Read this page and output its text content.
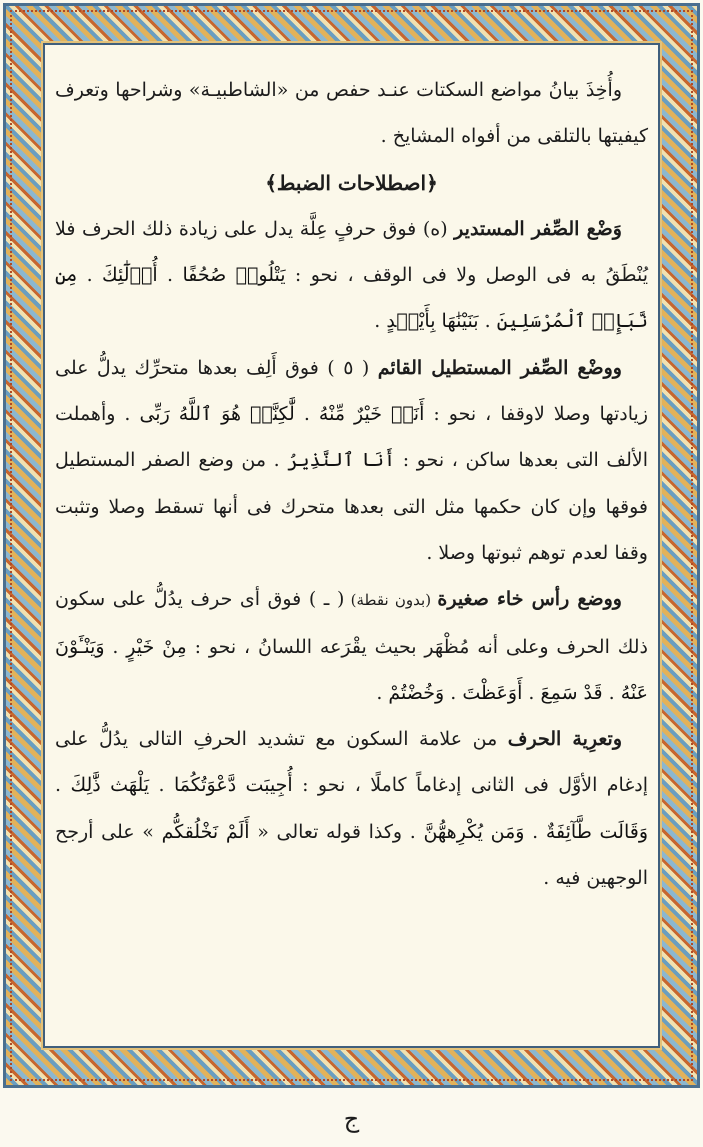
وأُخِذَ بيانُ مواضع السكتات عنـد حفص من «الشاطبيـة» وشراحها وتعرف كيفيتها بالتلقى من أفواه المشايخ .

﴿اصطلاحات الضبط﴾

وَضْع الصِّفر المستدير (ه) فوق حرفٍ عِلَّة يدل على زيادة ذلك الحرف فلا يُنْطَقُ به فى الوصل ولا فى الوقف ، نحو : يَتْلُوا۟ صُحُفًا . أُو۟لَٰٓئِكَ . مِن نَّبَإِى۟ ٱلْمُرْسَلِينَ . بَنَيْنَٰهَا بِأَيْي۟دٍ .

ووضْع الصِّفر المستطيل القائم ( ٥ ) فوق أَلِف بعدها متحرِّك يدلُّ على زيادتها وصلا لاوقفا ، نحو : أَنَا۠ خَيْرٌ مِّنْهُ . لَّٰكِنَّا۠ هُوَ ٱللَّهُ رَبِّى . وأهملت الألف التى بعدها ساكن ، نحو : أَنَا ٱلنَّذِيرُ . من وضع الصفر المستطيل فوقها وإن كان حكمها مثل التى بعدها متحرك فى أنها تسقط وصلا وتثبت وقفا لعدم توهم ثبوتها وصلا .

ووضع رأس خاء صغيرة (بدون نقطة) ( ـ ) فوق أى حرف يدُلُّ على سكون ذلك الحرف وعلى أنه مُظْهَر بحيث يقْرَعه اللسانُ ، نحو : مِنْ خَيْرٍ . وَيَنْـَٔوْنَ عَنْهُ . قَدْ سَمِعَ . أَوَعَظْتَ . وَخُضْتُمْ .

وتعرِية الحرف من علامة السكون مع تشديد الحرفِ التالى يدُلُّ على إدغام الأوَّل فى الثانى إدغاماً كاملًا ، نحو : أُجِيبَت دَّعْوَتُكُمَا . يَلْهَث ذَّٰلِكَ . وَقَالَت طَّآئِفَةٌ . وَمَن يُكْرِههُّنَّ . وكذا قوله تعالى « أَلَمْ نَخْلُقكُّم » على أرجح الوجهين فيه .

ج
